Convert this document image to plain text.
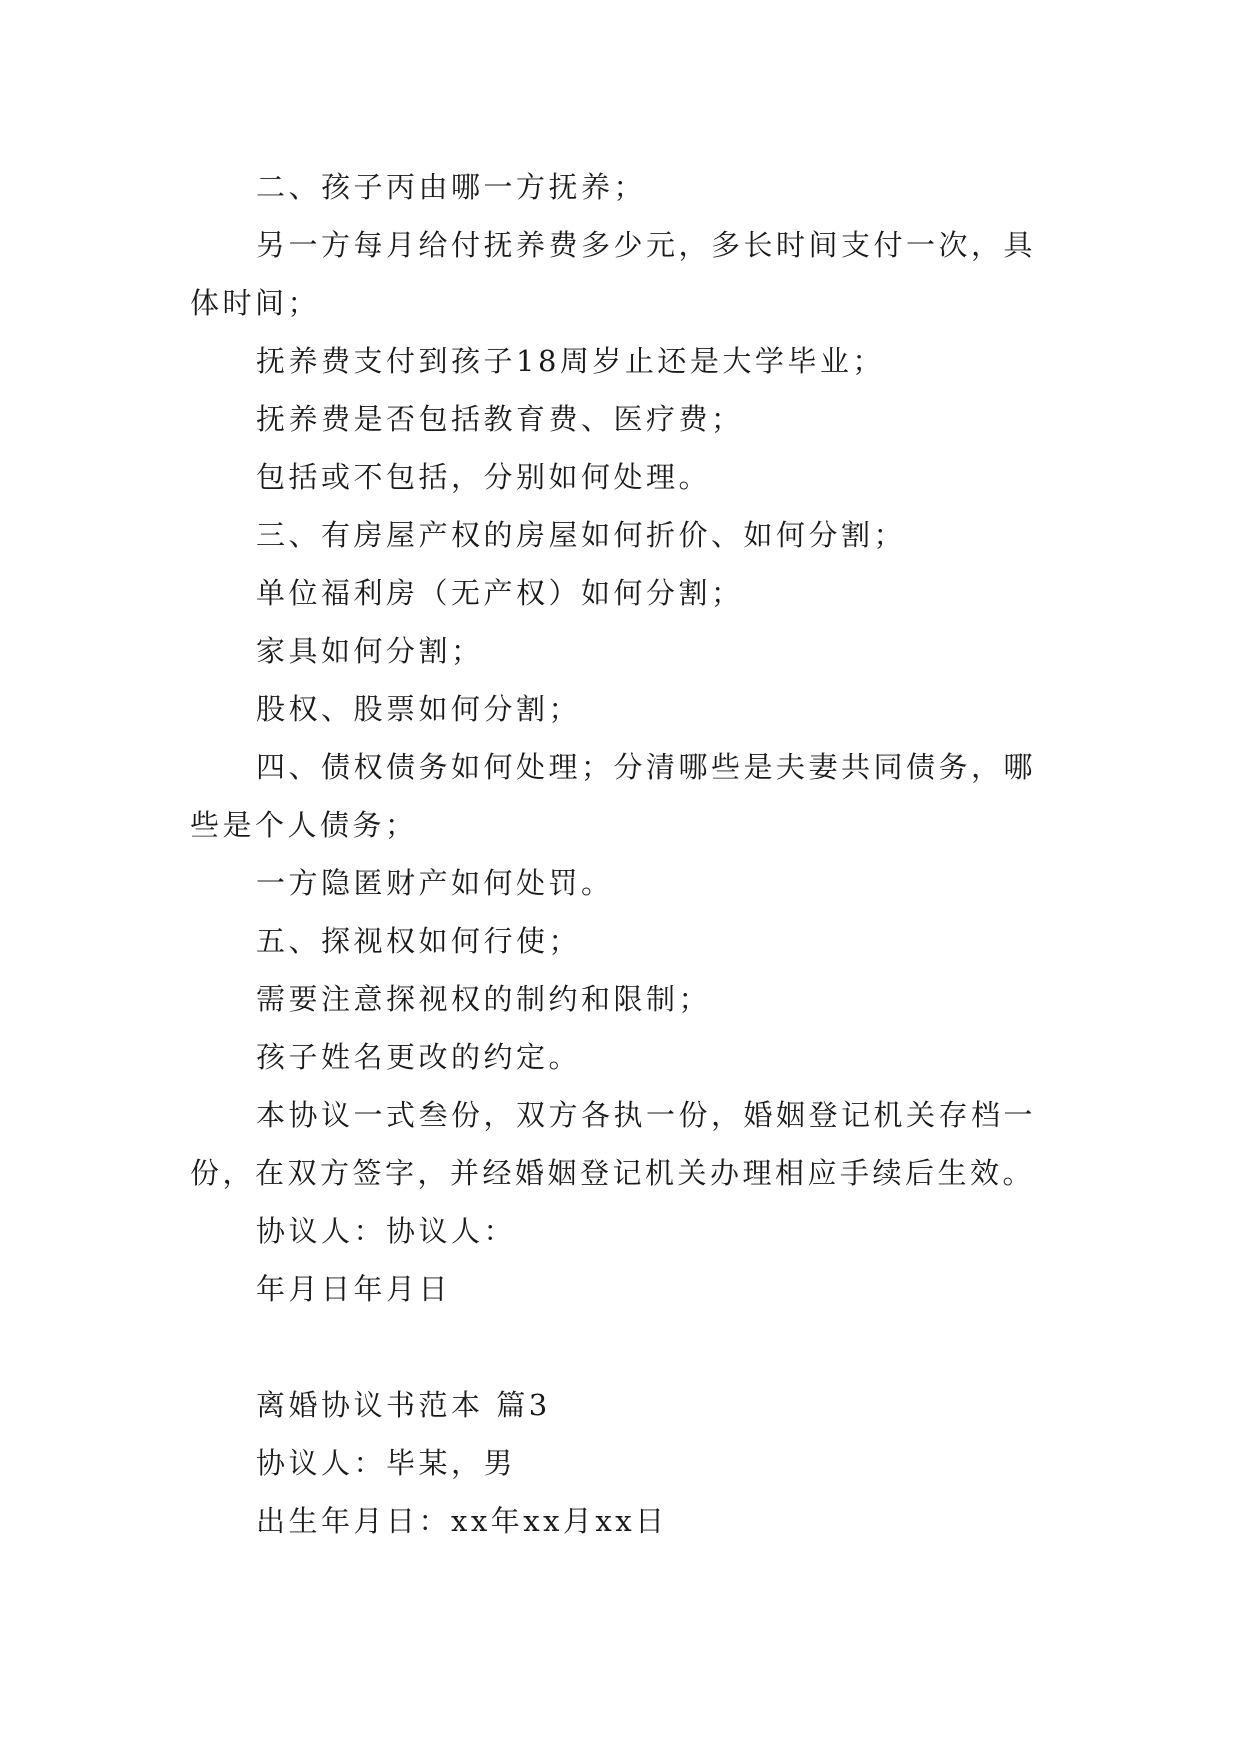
二、孩子丙由哪一方抚养；

另一方每月给付抚养费多少元，多长时间支付一次，具体时间；

抚养费支付到孩子18周岁止还是大学毕业；

抚养费是否包括教育费、医疗费；

包括或不包括，分别如何处理。

三、有房屋产权的房屋如何折价、如何分割；

单位福利房（无产权）如何分割；

家具如何分割；

股权、股票如何分割；

四、债权债务如何处理；分清哪些是夫妻共同债务，哪些是个人债务；

一方隐匿财产如何处罚。

五、探视权如何行使；

需要注意探视权的制约和限制；

孩子姓名更改的约定。

本协议一式叁份，双方各执一份，婚姻登记机关存档一份，在双方签字，并经婚姻登记机关办理相应手续后生效。

协议人：协议人：

年月日年月日

离婚协议书范本 篇3

协议人：毕某，男

出生年月日：xx年xx月xx日
